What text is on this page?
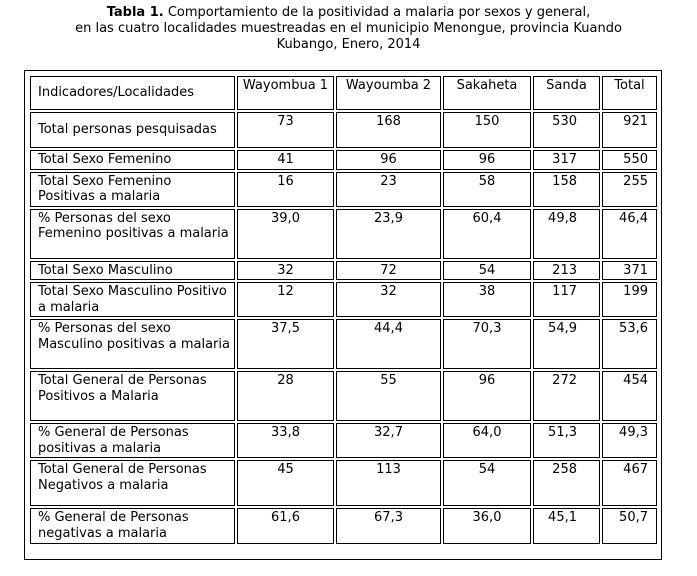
Tabla 1. Comportamiento de la positividad a malaria por sexos y general,
en las cuatro localidades muestreadas en el municipio Menongue, provincia Kuando
Kubango, Enero, 2014
Indicadores/Localidades	Wayombua 1	Wayoumba 2	Sakaheta	Sanda	Total
Total personas pesquisadas	73	168	150	530	921
Total Sexo Femenino	41	96	96	317	550
Total Sexo Femenino Positivas a malaria	16	23	58	158	255
% Personas del sexo Femenino positivas a malaria	39,0	23,9	60,4	49,8	46,4
Total Sexo Masculino	32	72	54	213	371
Total Sexo Masculino Positivo a malaria	12	32	38	117	199
% Personas del sexo Masculino positivas a malaria	37,5	44,4	70,3	54,9	53,6
Total General de Personas Positivos a Malaria	28	55	96	272	454
% General de Personas positivas a malaria	33,8	32,7	64,0	51,3	49,3
Total General de Personas Negativos a malaria	45	113	54	258	467
% General de Personas negativas a malaria	61,6	67,3	36,0	45,1	50,7
